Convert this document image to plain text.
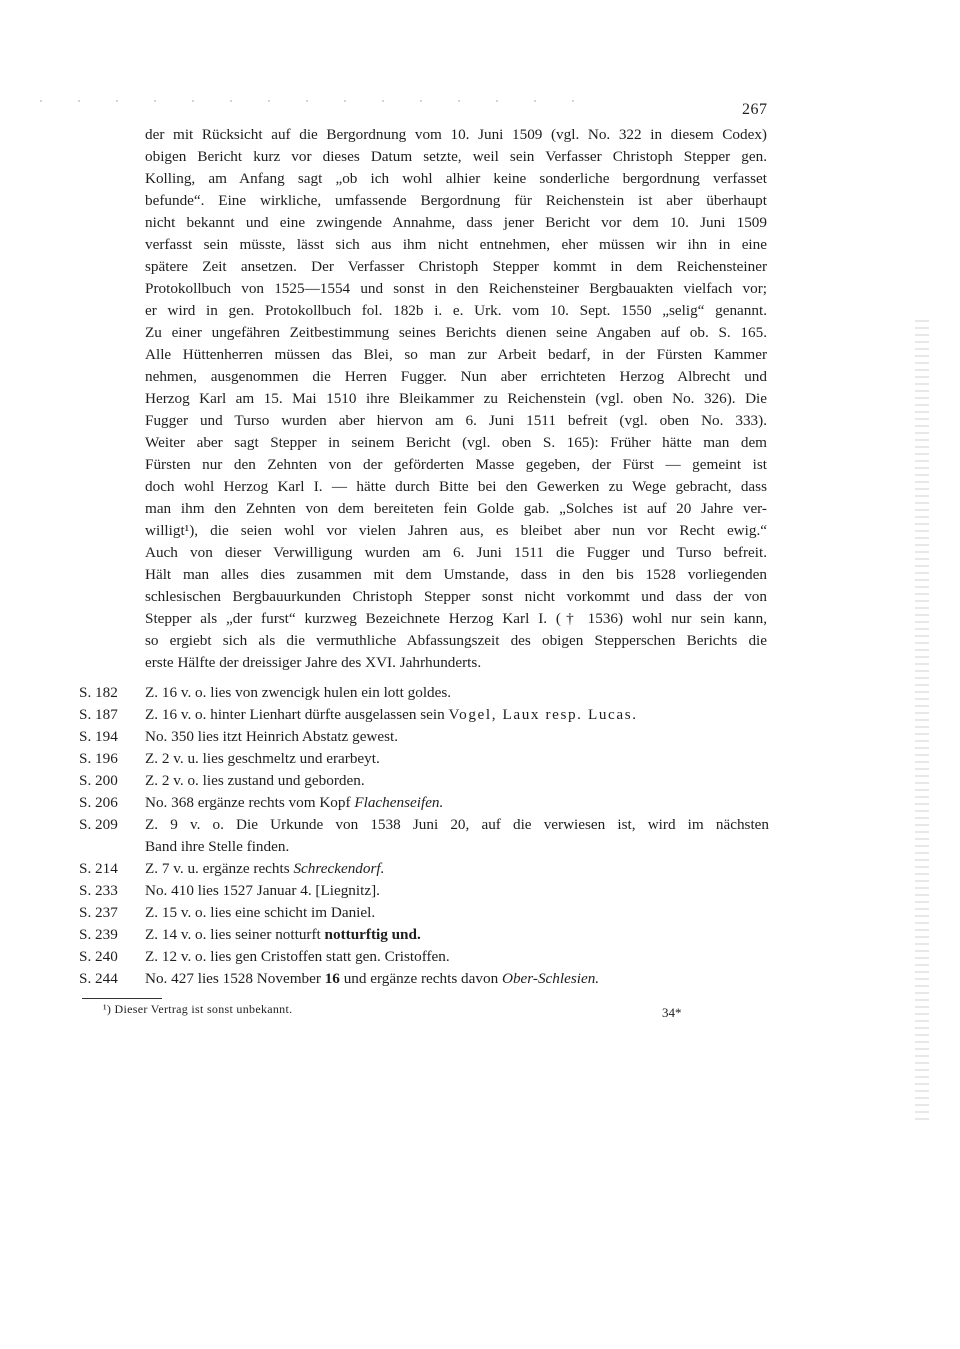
267
der mit Rücksicht auf die Bergordnung vom 10. Juni 1509 (vgl. No. 322 in diesem Codex)
obigen Bericht kurz vor dieses Datum setzte, weil sein Verfasser Christoph Stepper gen.
Kolling, am Anfang sagt „ob ich wohl alhier keine sonderliche bergordnung verfasset
befunde“. Eine wirkliche, umfassende Bergordnung für Reichenstein ist aber überhaupt
nicht bekannt und eine zwingende Annahme, dass jener Bericht vor dem 10. Juni 1509
verfasst sein müsste, lässt sich aus ihm nicht entnehmen, eher müssen wir ihn in eine
spätere Zeit ansetzen. Der Verfasser Christoph Stepper kommt in dem Reichensteiner
Protokollbuch von 1525—1554 und sonst in den Reichensteiner Bergbauakten vielfach vor;
er wird in gen. Protokollbuch fol. 182b i. e. Urk. vom 10. Sept. 1550 „selig“ genannt.
Zu einer ungefähren Zeitbestimmung seines Berichts dienen seine Angaben auf ob. S. 165.
Alle Hüttenherren müssen das Blei, so man zur Arbeit bedarf, in der Fürsten Kammer
nehmen, ausgenommen die Herren Fugger. Nun aber errichteten Herzog Albrecht und
Herzog Karl am 15. Mai 1510 ihre Bleikammer zu Reichenstein (vgl. oben No. 326). Die
Fugger und Turso wurden aber hiervon am 6. Juni 1511 befreit (vgl. oben No. 333).
Weiter aber sagt Stepper in seinem Bericht (vgl. oben S. 165): Früher hätte man dem
Fürsten nur den Zehnten von der geförderten Masse gegeben, der Fürst — gemeint ist
doch wohl Herzog Karl I. — hätte durch Bitte bei den Gewerken zu Wege gebracht, dass
man ihm den Zehnten von dem bereiteten fein Golde gab. „Solches ist auf 20 Jahre ver-
willigt¹), die seien wohl vor vielen Jahren aus, es bleibet aber nun vor Recht ewig.“
Auch von dieser Verwilligung wurden am 6. Juni 1511 die Fugger und Turso befreit.
Hält man alles dies zusammen mit dem Umstande, dass in den bis 1528 vorliegenden
schlesischen Bergbauurkunden Christoph Stepper sonst nicht vorkommt und dass der von
Stepper als „der furst“ kurzweg Bezeichnete Herzog Karl I. († 1536) wohl nur sein kann,
so ergiebt sich als die vermuthliche Abfassungszeit des obigen Stepperschen Berichts die
erste Hälfte der dreissiger Jahre des XVI. Jahrhunderts.
S. 182	Z. 16 v. o. lies von zwencigk hulen ein lott goldes.
S. 187	Z. 16 v. o. hinter Lienhart dürfte ausgelassen sein Vogel, Laux resp. Lucas.
S. 194	No. 350 lies itzt Heinrich Abstatz gewest.
S. 196	Z. 2 v. u. lies geschmeltz und erarbeyt.
S. 200	Z. 2 v. o. lies zustand und geborden.
S. 206	No. 368 ergänze rechts vom Kopf Flachenseifen.
S. 209	Z. 9 v. o. Die Urkunde von 1538 Juni 20, auf die verwiesen ist, wird im nächsten
Band ihre Stelle finden.
S. 214	Z. 7 v. u. ergänze rechts Schreckendorf.
S. 233	No. 410 lies 1527 Januar 4. [Liegnitz].
S. 237	Z. 15 v. o. lies eine schicht im Daniel.
S. 239	Z. 14 v. o. lies seiner notturft notturftig und.
S. 240	Z. 12 v. o. lies gen Cristoffen statt gen. Cristoffen.
S. 244	No. 427 lies 1528 November 16 und ergänze rechts davon Ober-Schlesien.
¹) Dieser Vertrag ist sonst unbekannt.	34*
